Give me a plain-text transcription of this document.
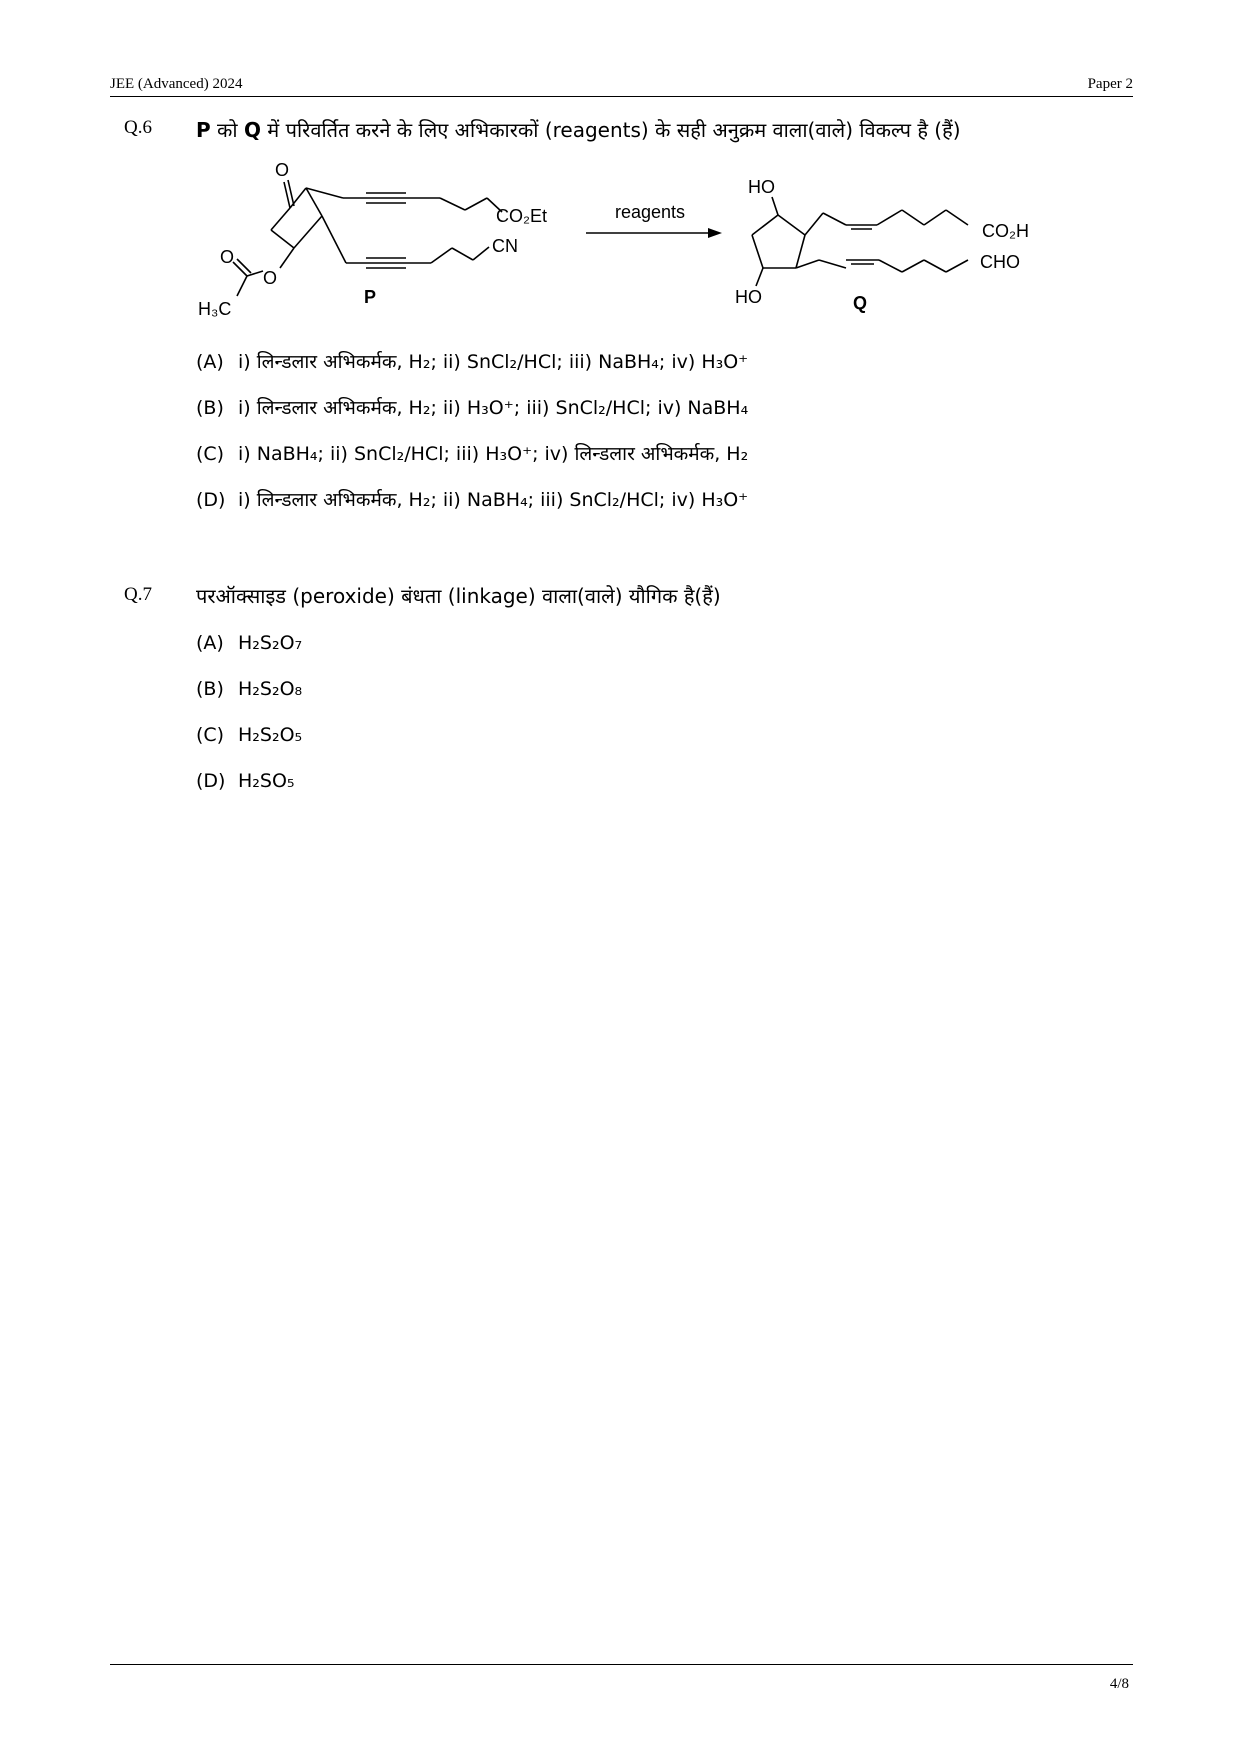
JEE (Advanced) 2024	Paper 2
Q.6 P को Q में परिवर्तित करने के लिए अभिकारकों (reagents) के सही अनुक्रम वाला(वाले) विकल्प है (हैं)
O
CO₂Et
CN
O
O
H₃C
reagents
HO
HO
CO₂H
CHO
P	Q
(A) i) लिन्डलार अभिकर्मक, H₂; ii) SnCl₂/HCl; iii) NaBH₄; iv) H₃O⁺
(B) i) लिन्डलार अभिकर्मक, H₂; ii) H₃O⁺; iii) SnCl₂/HCl; iv) NaBH₄
(C) i) NaBH₄; ii) SnCl₂/HCl; iii) H₃O⁺; iv) लिन्डलार अभिकर्मक, H₂
(D) i) लिन्डलार अभिकर्मक, H₂; ii) NaBH₄; iii) SnCl₂/HCl; iv) H₃O⁺
Q.7 परऑक्साइड (peroxide) बंधता (linkage) वाला(वाले) यौगिक है(हैं)
(A) H₂S₂O₇
(B) H₂S₂O₈
(C) H₂S₂O₅
(D) H₂SO₅
4/8
